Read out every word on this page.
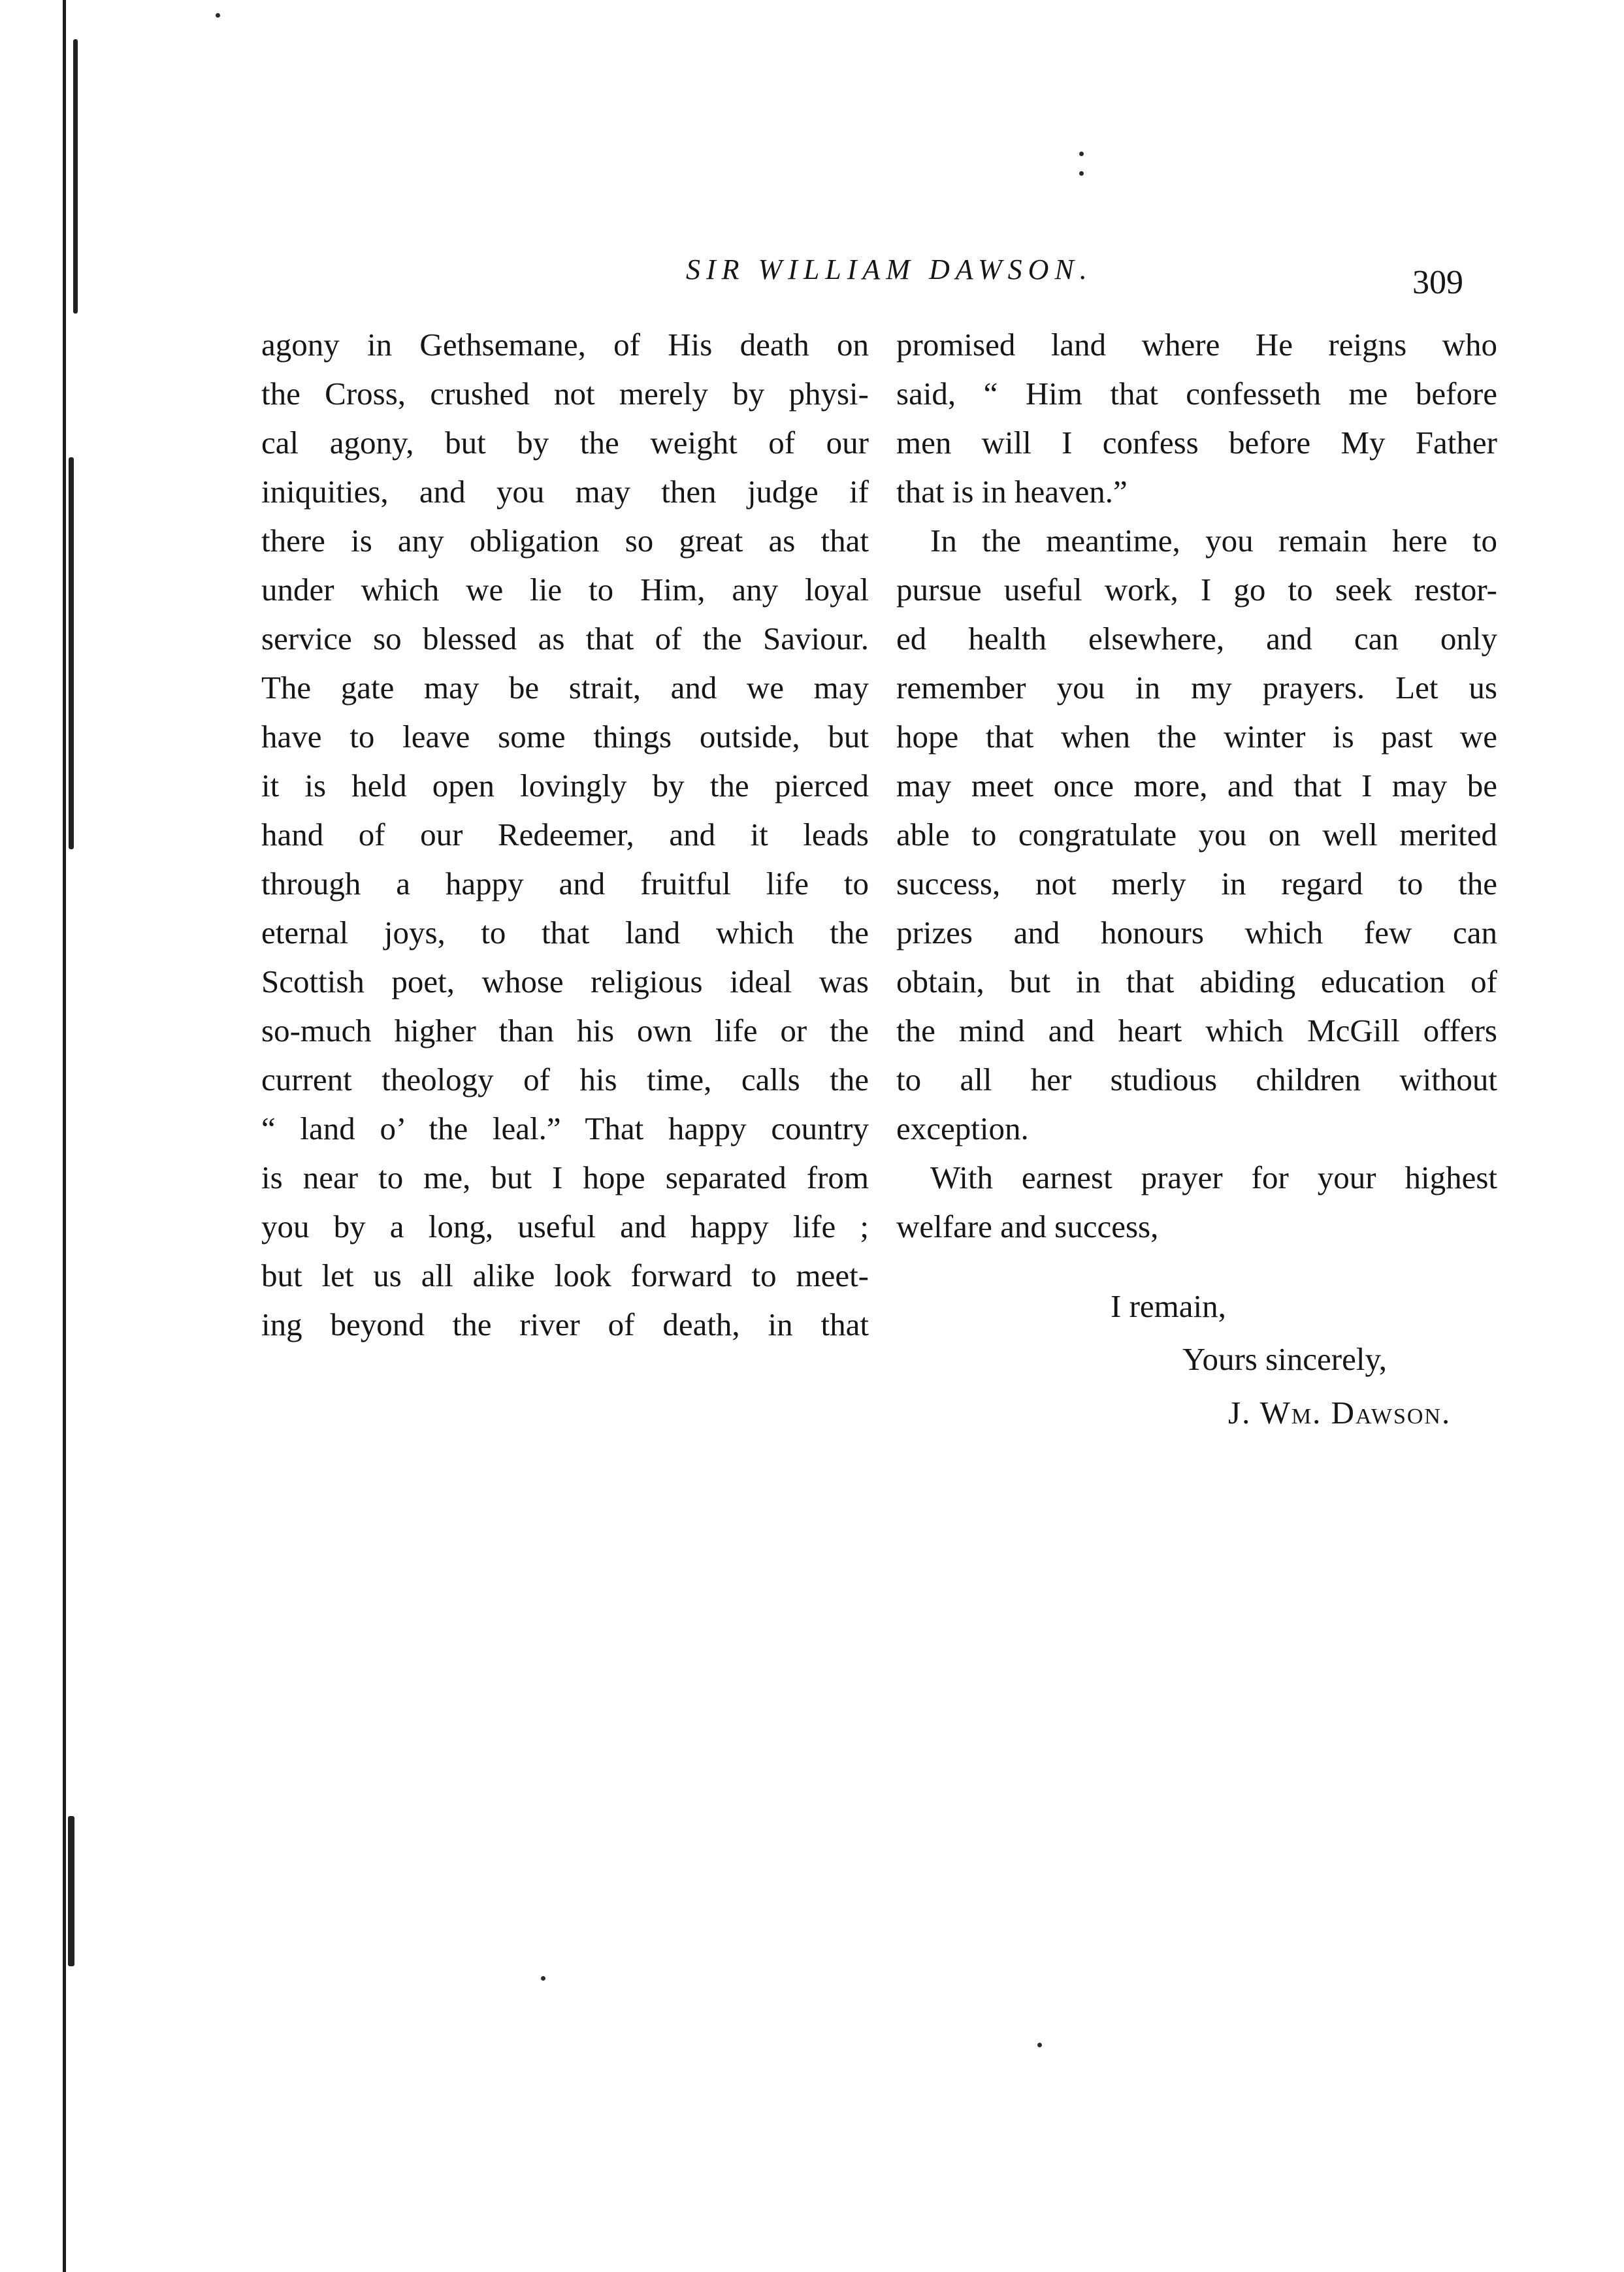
SIR WILLIAM DAWSON.	309
agony in Gethsemane, of His death on
the Cross, crushed not merely by physi-
cal agony, but by the weight of our
iniquities, and you may then judge if
there is any obligation so great as that
under which we lie to Him, any loyal
service so blessed as that of the Saviour.
The gate may be strait, and we may
have to leave some things outside, but
it is held open lovingly by the pierced
hand of our Redeemer, and it leads
through a happy and fruitful life to
eternal joys, to that land which the
Scottish poet, whose religious ideal was
so-much higher than his own life or the
current theology of his time, calls the
“ land o’ the leal.” That happy country
is near to me, but I hope separated from
you by a long, useful and happy life ;
but let us all alike look forward to meet-
ing beyond the river of death, in that
promised land where He reigns who
said, “ Him that confesseth me before
men will I confess before My Father
that is in heaven.”
In the meantime, you remain here to
pursue useful work, I go to seek restor-
ed health elsewhere, and can only
remember you in my prayers. Let us
hope that when the winter is past we
may meet once more, and that I may be
able to congratulate you on well merited
success, not merly in regard to the
prizes and honours which few can
obtain, but in that abiding education of
the mind and heart which McGill offers
to all her studious children without
exception.
With earnest prayer for your highest
welfare and success,
I remain,
Yours sincerely,
J. Wm. Dawson.
